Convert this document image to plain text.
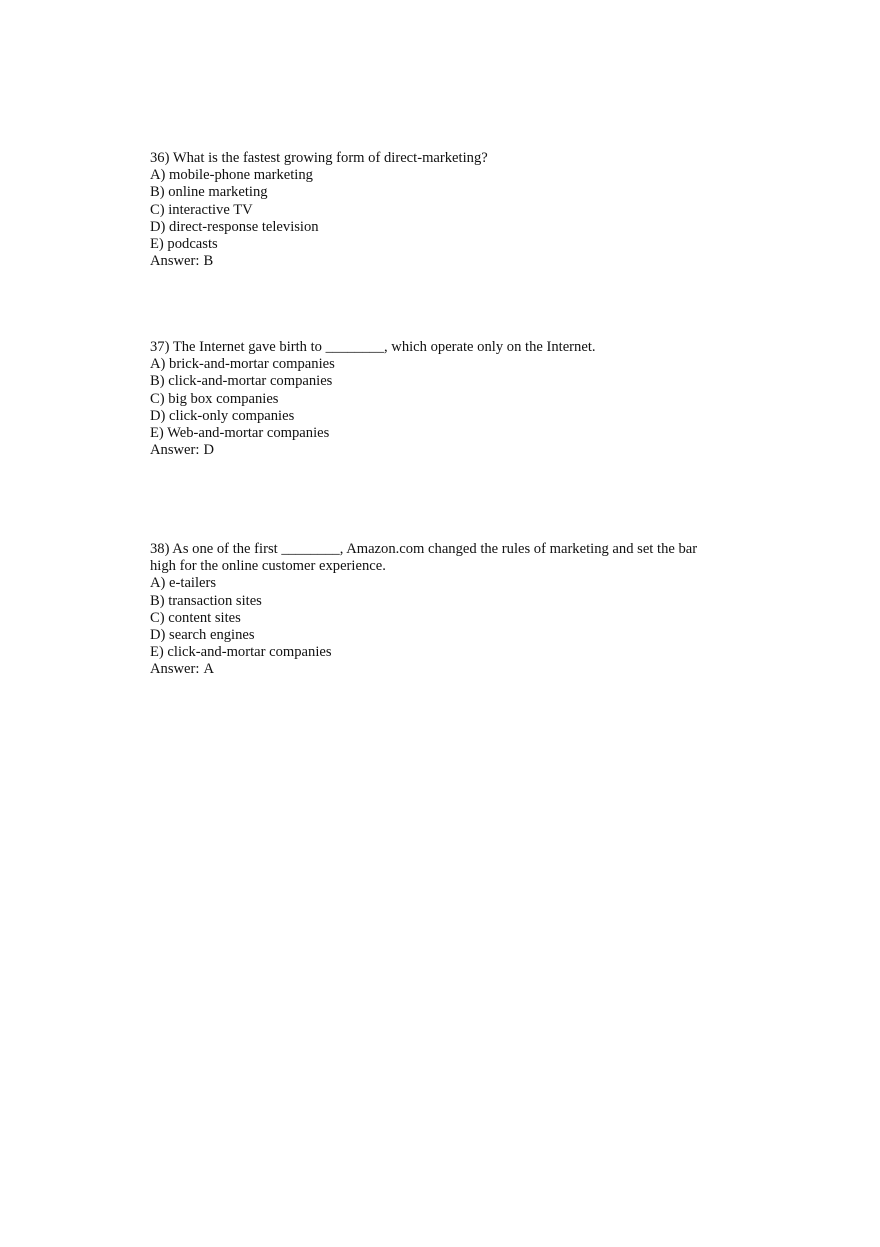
36) What is the fastest growing form of direct-marketing?
A) mobile-phone marketing
B) online marketing
C) interactive TV
D) direct-response television
E) podcasts
Answer: B
37) The Internet gave birth to ________, which operate only on the Internet.
A) brick-and-mortar companies
B) click-and-mortar companies
C) big box companies
D) click-only companies
E) Web-and-mortar companies
Answer: D
38) As one of the first ________, Amazon.com changed the rules of marketing and set the bar high for the online customer experience.
A) e-tailers
B) transaction sites
C) content sites
D) search engines
E) click-and-mortar companies
Answer: A
